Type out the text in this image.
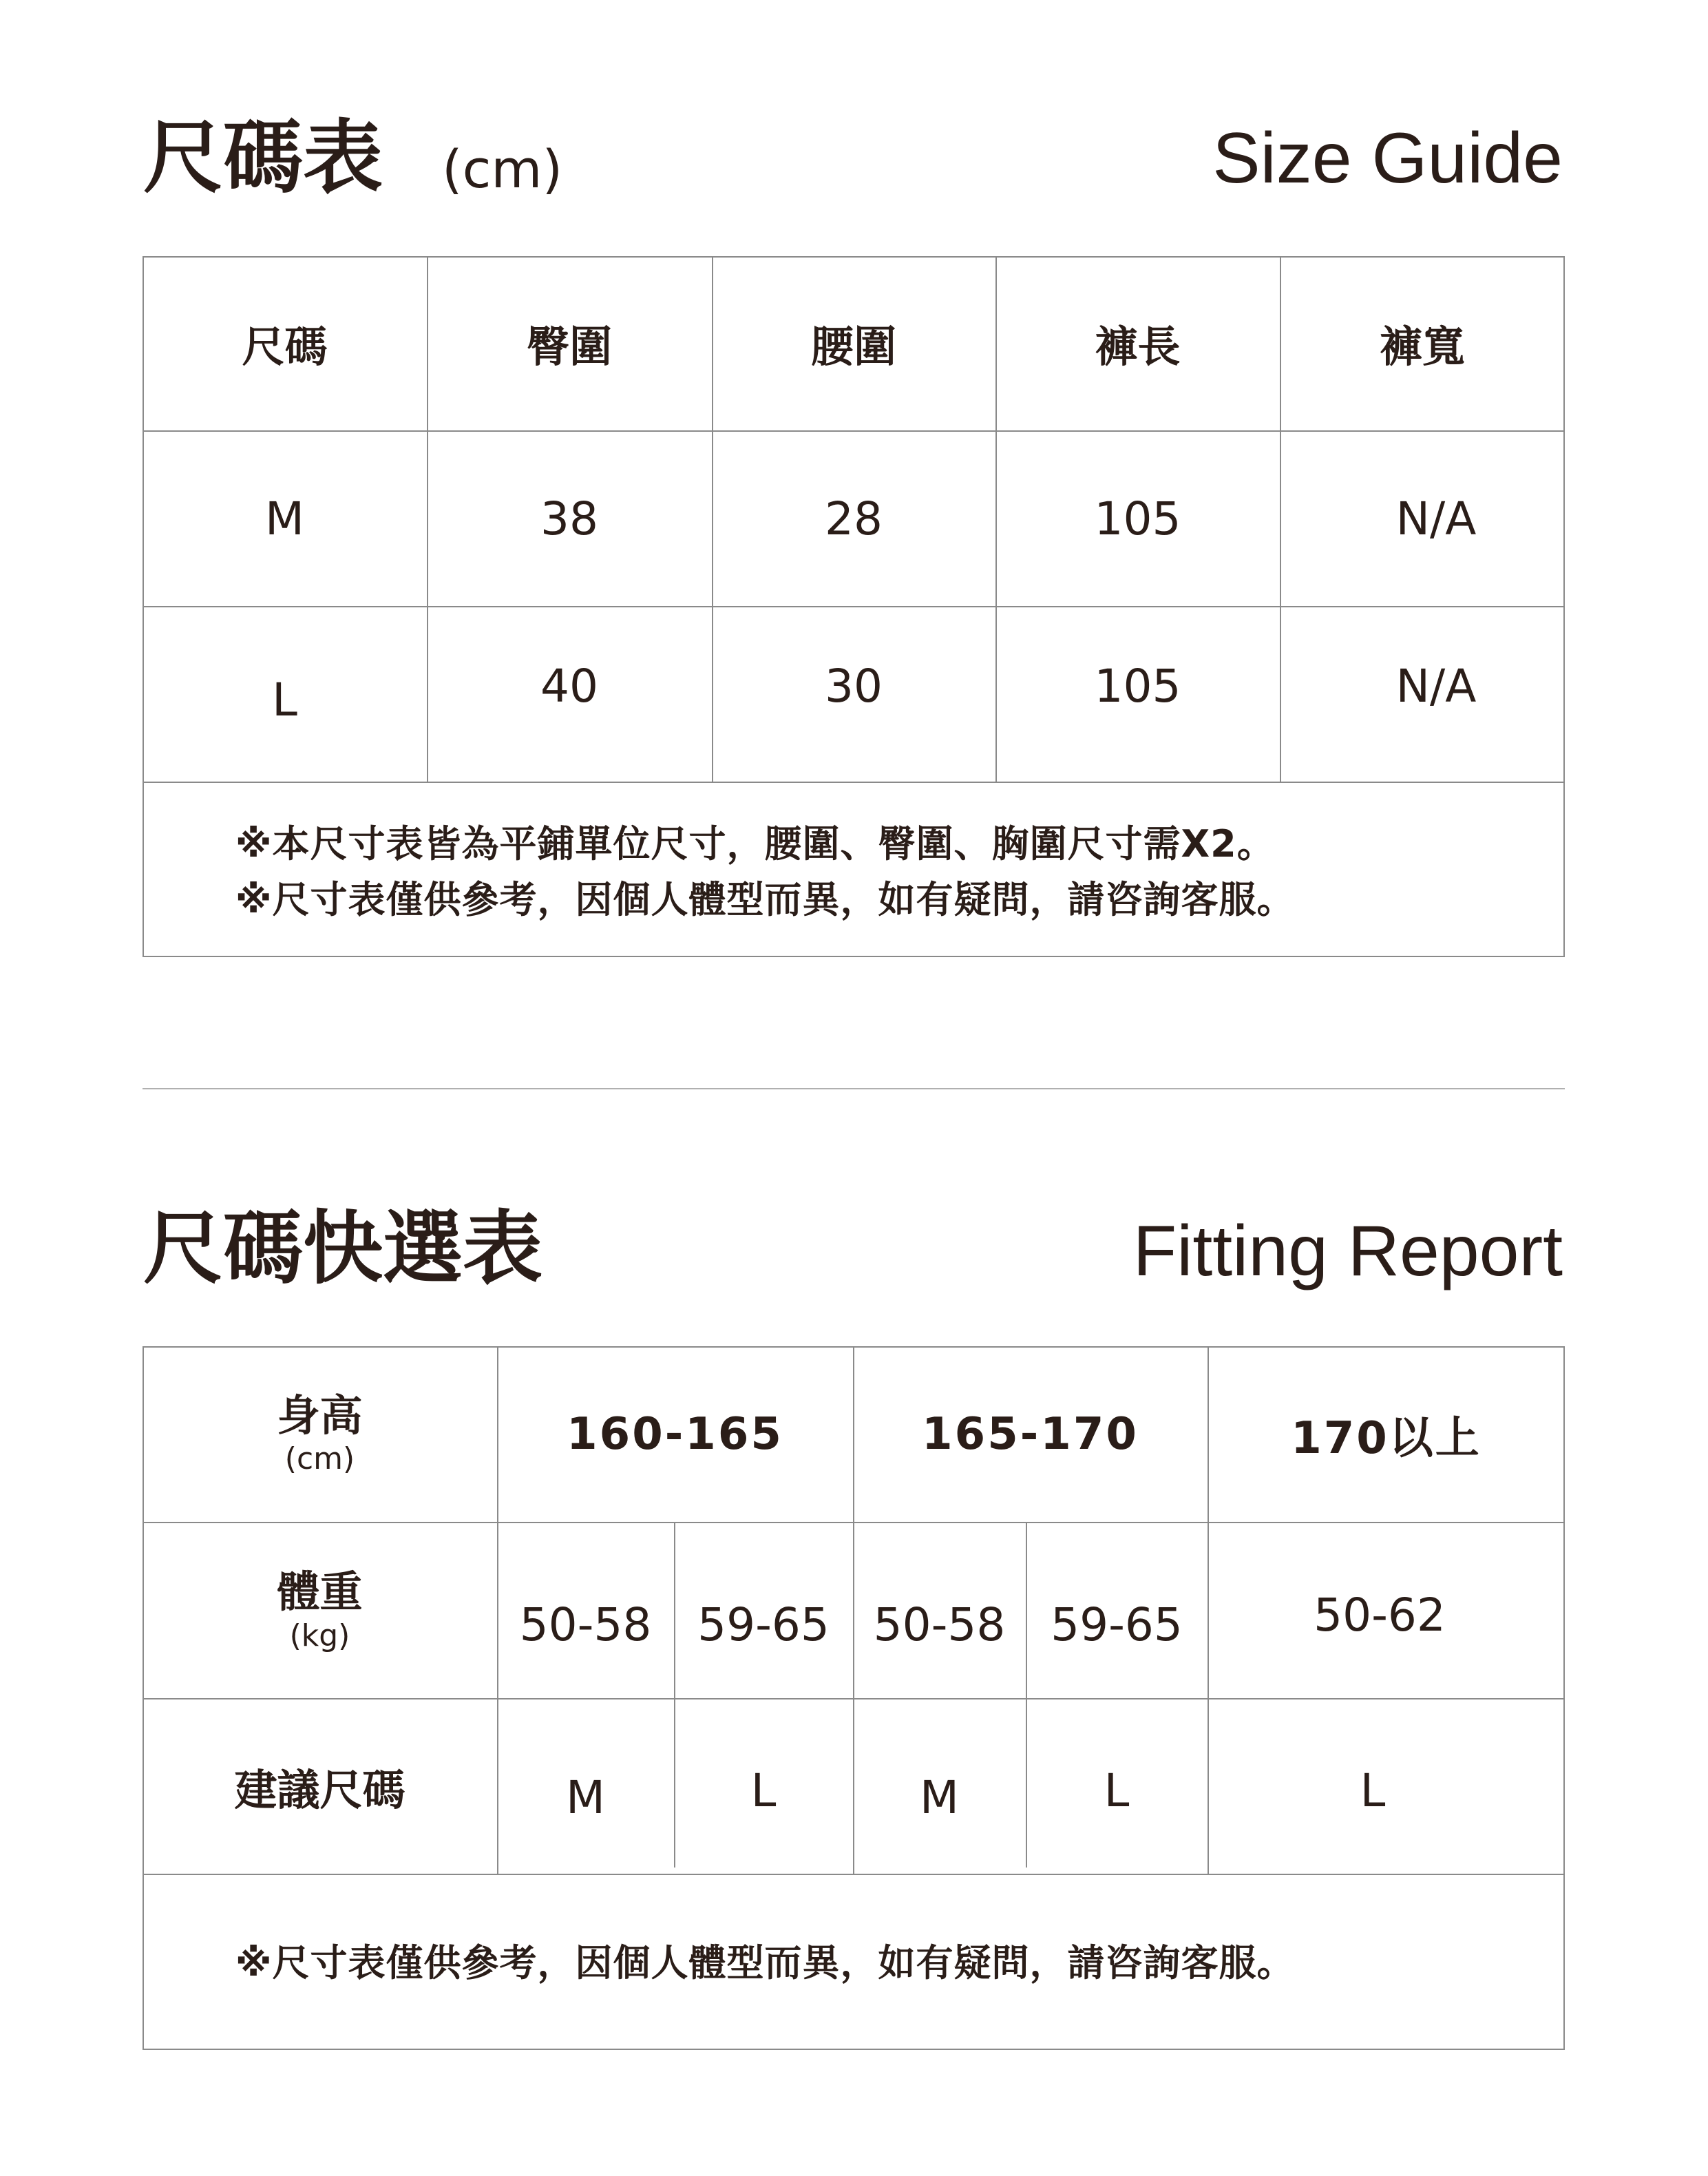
尺碼表 (cm)	Size Guide
尺碼	臀圍	腰圍	褲長	褲寬
M	38	28	105	N/A
L	40	30	105	N/A
※本尺寸表皆為平鋪單位尺寸，腰圍、臀圍、胸圍尺寸需X2。
※尺寸表僅供參考，因個人體型而異，如有疑問，請咨詢客服。
尺碼快選表	Fitting Report
身高
(cm)	160-165	165-170	170以上
體重
(kg)	50-58	59-65 50-58 59-65	50-62
建議尺碼	M	L	M	L	L
※尺寸表僅供參考，因個人體型而異，如有疑問，請咨詢客服。
